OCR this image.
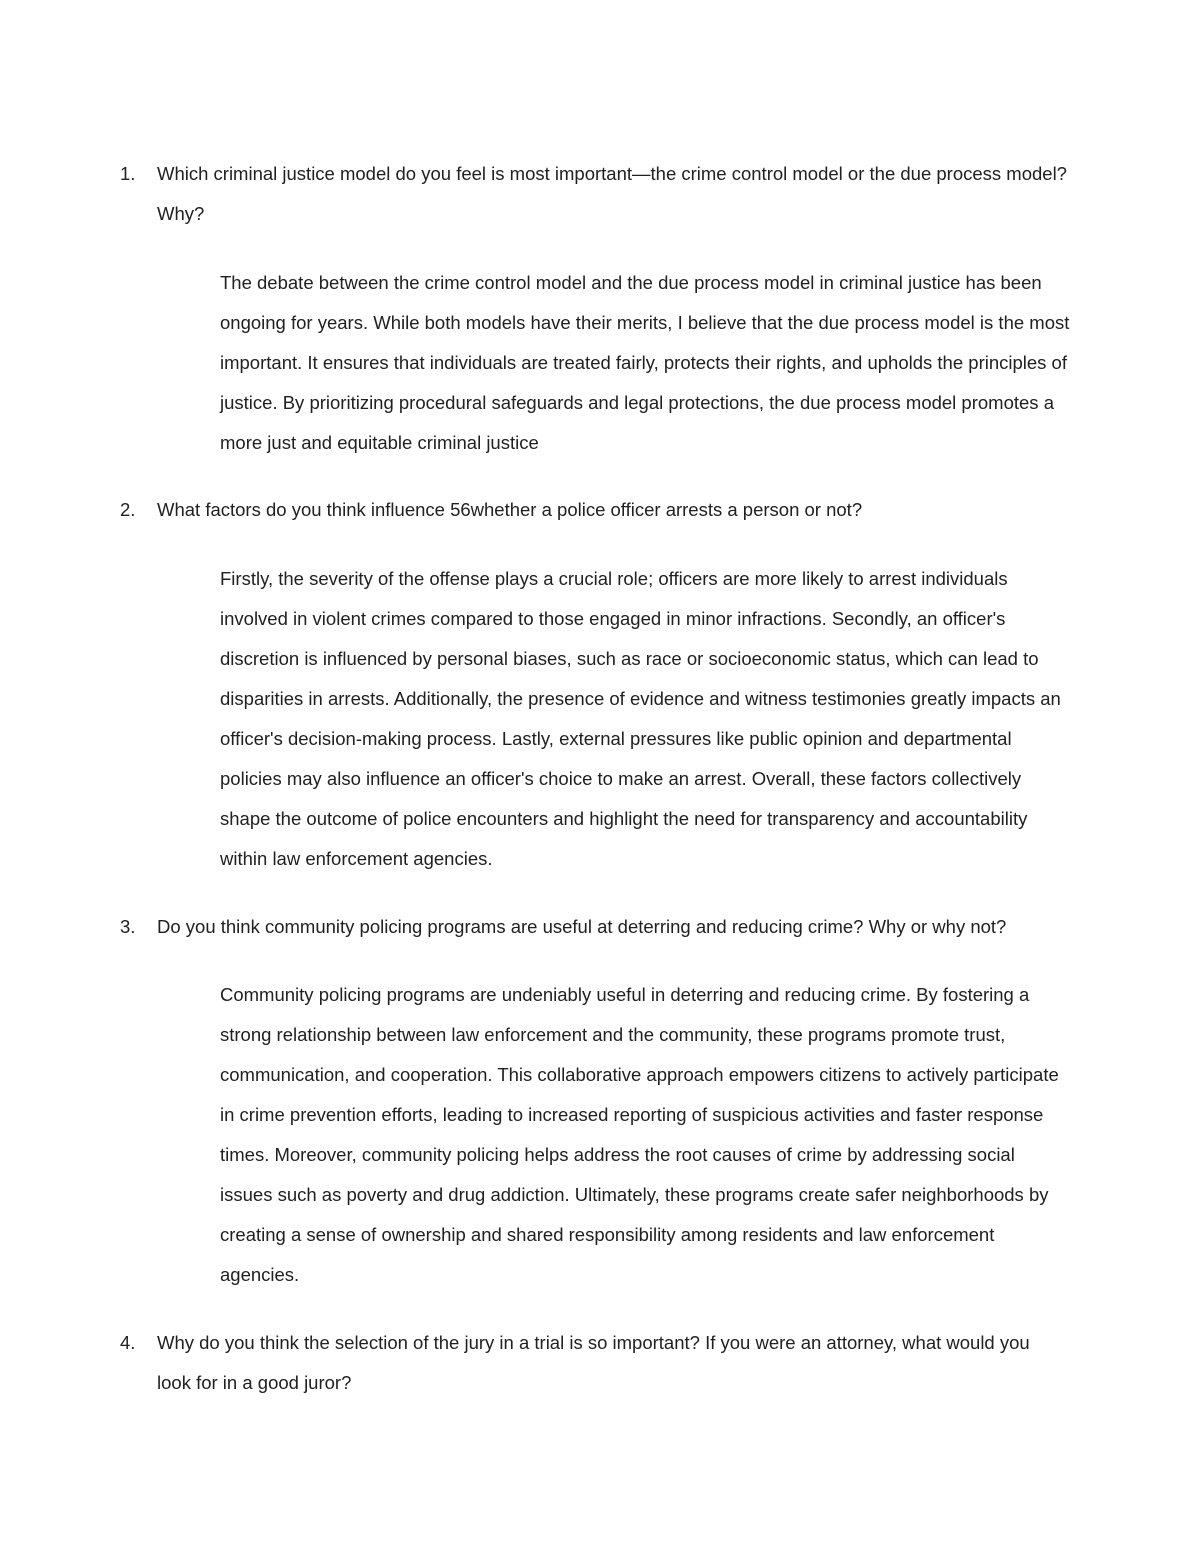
1.	Which criminal justice model do you feel is most important—the crime control model or the due process model? Why?
The debate between the crime control model and the due process model in criminal justice has been ongoing for years. While both models have their merits, I believe that the due process model is the most important. It ensures that individuals are treated fairly, protects their rights, and upholds the principles of justice. By prioritizing procedural safeguards and legal protections, the due process model promotes a more just and equitable criminal justice
2.	What factors do you think influence 56whether a police officer arrests a person or not?
Firstly, the severity of the offense plays a crucial role; officers are more likely to arrest individuals involved in violent crimes compared to those engaged in minor infractions. Secondly, an officer's discretion is influenced by personal biases, such as race or socioeconomic status, which can lead to disparities in arrests. Additionally, the presence of evidence and witness testimonies greatly impacts an officer's decision-making process. Lastly, external pressures like public opinion and departmental policies may also influence an officer's choice to make an arrest. Overall, these factors collectively shape the outcome of police encounters and highlight the need for transparency and accountability within law enforcement agencies.
3.	Do you think community policing programs are useful at deterring and reducing crime? Why or why not?
Community policing programs are undeniably useful in deterring and reducing crime. By fostering a strong relationship between law enforcement and the community, these programs promote trust, communication, and cooperation. This collaborative approach empowers citizens to actively participate in crime prevention efforts, leading to increased reporting of suspicious activities and faster response times. Moreover, community policing helps address the root causes of crime by addressing social issues such as poverty and drug addiction. Ultimately, these programs create safer neighborhoods by creating a sense of ownership and shared responsibility among residents and law enforcement agencies.
4.	Why do you think the selection of the jury in a trial is so important? If you were an attorney, what would you look for in a good juror?
